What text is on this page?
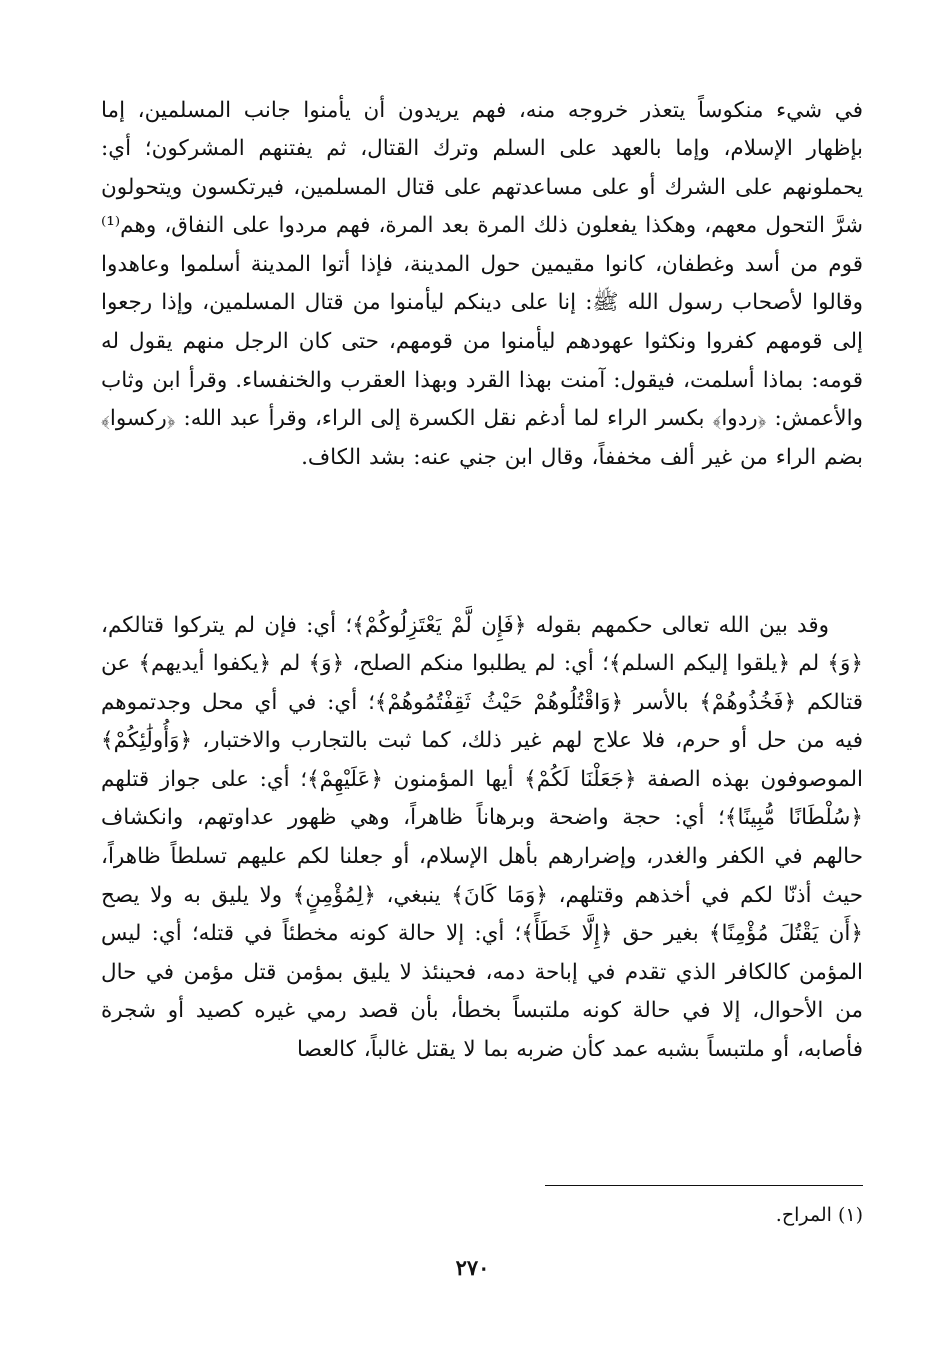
في شيء منكوساً يتعذر خروجه منه، فهم يريدون أن يأمنوا جانب المسلمين، إما بإظهار الإسلام، وإما بالعهد على السلم وترك القتال، ثم يفتنهم المشركون؛ أي: يحملونهم على الشرك أو على مساعدتهم على قتال المسلمين، فيرتكسون ويتحولون شرَّ التحول معهم، وهكذا يفعلون ذلك المرة بعد المرة، فهم مردوا على النفاق، وهم⁽¹⁾ قوم من أسد وغطفان، كانوا مقيمين حول المدينة، فإذا أتوا المدينة أسلموا وعاهدوا وقالوا لأصحاب رسول الله ﷺ: إنا على دينكم ليأمنوا من قتال المسلمين، وإذا رجعوا إلى قومهم كفروا ونكثوا عهودهم ليأمنوا من قومهم، حتى كان الرجل منهم يقول له قومه: بماذا أسلمت، فيقول: آمنت بهذا القرد وبهذا العقرب والخنفساء. وقرأ ابن وثاب والأعمش: ﴿ردوا﴾ بكسر الراء لما أدغم نقل الكسرة إلى الراء، وقرأ عبد الله: ﴿ركسوا﴾ بضم الراء من غير ألف مخففاً، وقال ابن جني عنه: بشد الكاف.

وقد بين الله تعالى حكمهم بقوله ﴿فَإِن لَّمْ يَعْتَزِلُوكُمْ﴾؛ أي: فإن لم يتركوا قتالكم، ﴿وَ﴾ لم ﴿يلقوا إليكم السلم﴾؛ أي: لم يطلبوا منكم الصلح، ﴿وَ﴾ لم ﴿يكفوا أيديهم﴾ عن قتالكم ﴿فَخُذُوهُمْ﴾ بالأسر ﴿وَاقْتُلُوهُمْ حَيْثُ ثَقِفْتُمُوهُمْ﴾؛ أي: في أي محل وجدتموهم فيه من حل أو حرم، فلا علاج لهم غير ذلك، كما ثبت بالتجارب والاختبار، ﴿وَأُولَٰئِكُمْ﴾ الموصوفون بهذه الصفة ﴿جَعَلْنَا لَكُمْ﴾ أيها المؤمنون ﴿عَلَيْهِمْ﴾؛ أي: على جواز قتلهم ﴿سُلْطَانًا مُّبِينًا﴾؛ أي: حجة واضحة وبرهاناً ظاهراً، وهي ظهور عداوتهم، وانكشاف حالهم في الكفر والغدر، وإضرارهم بأهل الإسلام، أو جعلنا لكم عليهم تسلطاً ظاهراً، حيث أذنّا لكم في أخذهم وقتلهم، ﴿وَمَا كَانَ﴾ ينبغي، ﴿لِمُؤْمِنٍ﴾ ولا يليق به ولا يصح ﴿أَن يَقْتُلَ مُؤْمِنًا﴾ بغير حق ﴿إِلَّا خَطَأً﴾؛ أي: إلا حالة كونه مخطئاً في قتله؛ أي: ليس المؤمن كالكافر الذي تقدم في إباحة دمه، فحينئذ لا يليق بمؤمن قتل مؤمن في حال من الأحوال، إلا في حالة كونه ملتبساً بخطأ، بأن قصد رمي غيره كصيد أو شجرة فأصابه، أو ملتبساً بشبه عمد كأن ضربه بما لا يقتل غالباً، كالعصا

(١) المراح.
٢٧٠
